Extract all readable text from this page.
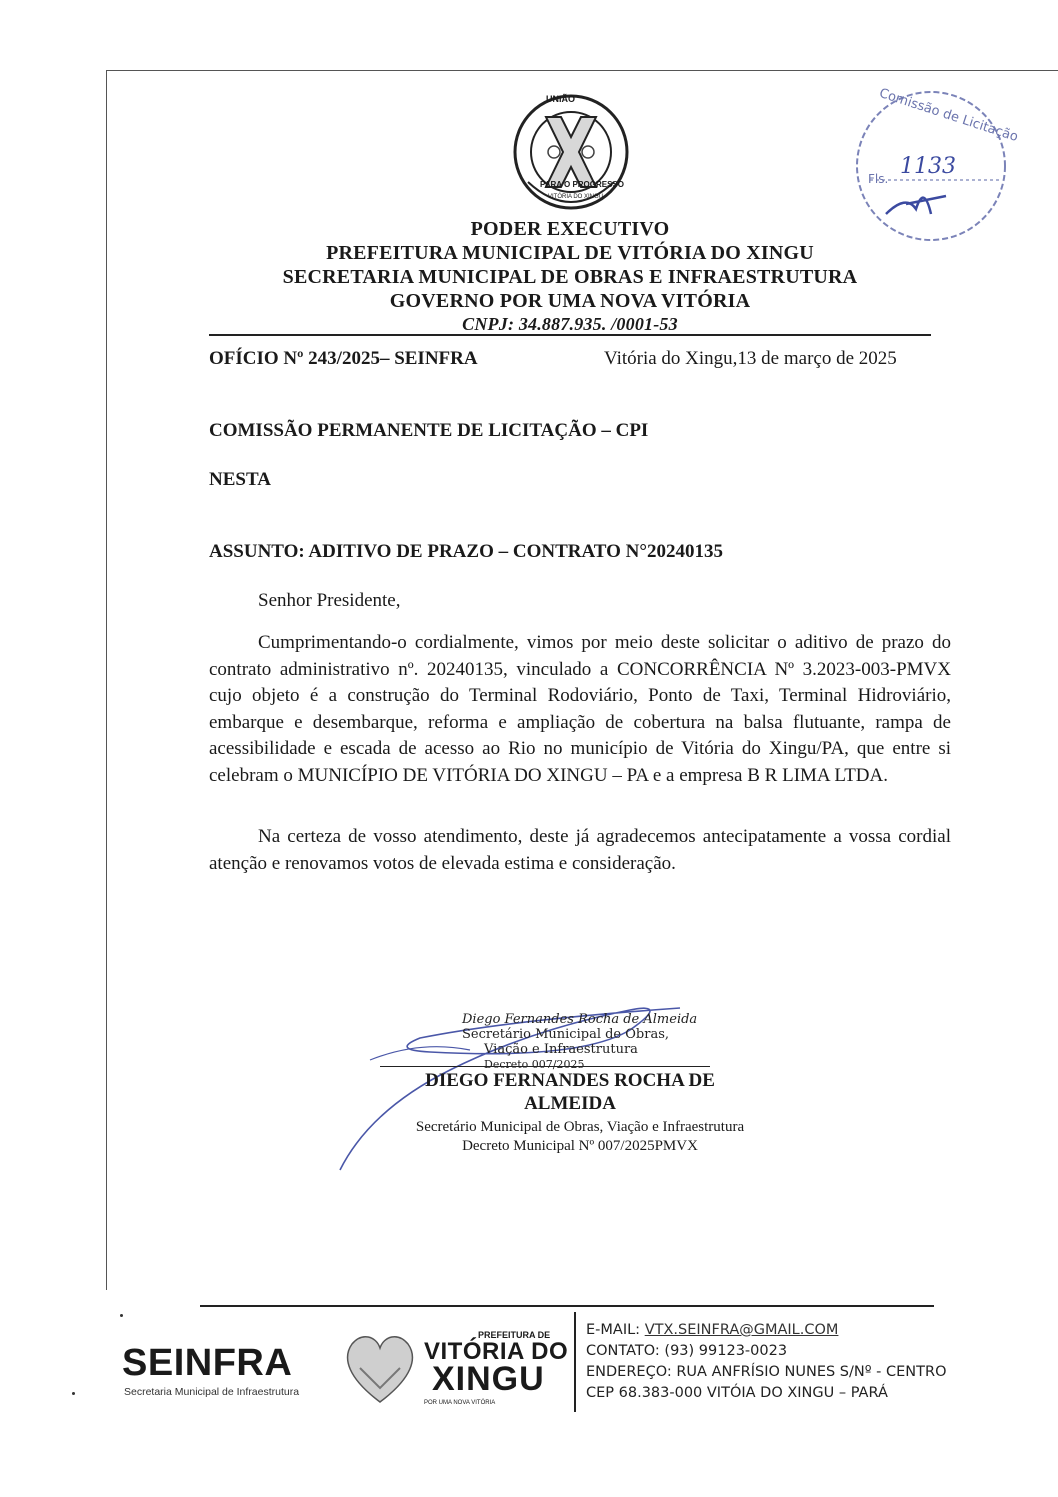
UNIÃO
PARA O PROGRESSO
VITÓRIA DO XINGU
Comissão de Licitação
Fls. 1133
PODER EXECUTIVO
PREFEITURA MUNICIPAL DE VITÓRIA DO XINGU
SECRETARIA MUNICIPAL DE OBRAS E INFRAESTRUTURA
GOVERNO POR UMA NOVA VITÓRIA
CNPJ: 34.887.935. /0001-53
OFÍCIO Nº 243/2025– SEINFRA	Vitória do Xingu,13 de março de 2025
COMISSÃO PERMANENTE DE LICITAÇÃO – CPI
NESTA
ASSUNTO: ADITIVO DE PRAZO – CONTRATO N°20240135
Senhor Presidente,

Cumprimentando-o cordialmente, vimos por meio deste solicitar o aditivo de prazo do contrato administrativo nº. 20240135, vinculado a CONCORRÊNCIA Nº 3.2023-003-PMVX cujo objeto é a construção do Terminal Rodoviário, Ponto de Taxi, Terminal Hidroviário, embarque e desembarque, reforma e ampliação de cobertura na balsa flutuante, rampa de acessibilidade e escada de acesso ao Rio no município de Vitória do Xingu/PA, que entre si celebram o MUNICÍPIO DE VITÓRIA DO XINGU – PA e a empresa B R LIMA LTDA.

Na certeza de vosso atendimento, deste já agradecemos antecipatamente a vossa cordial atenção e renovamos votos de elevada estima e consideração.

Diego Fernandes Rocha de Almeida
Secretário Municipal de Obras,
Viação e Infraestrutura
Decreto 007/2025
DIEGO FERNANDES ROCHA DE
ALMEIDA
Secretário Municipal de Obras, Viação e Infraestrutura
Decreto Municipal Nº 007/2025PMVX
SEINFRA
Secretaria Municipal de Infraestrutura
PREFEITURA DE
VITÓRIA DO
XINGU
POR UMA NOVA VITÓRIA
E-MAIL: VTX.SEINFRA@GMAIL.COM
CONTATO: (93) 99123-0023
ENDEREÇO: RUA ANFRÍSIO NUNES S/Nº - CENTRO
CEP 68.383-000 VITÓIA DO XINGU – PARÁ
